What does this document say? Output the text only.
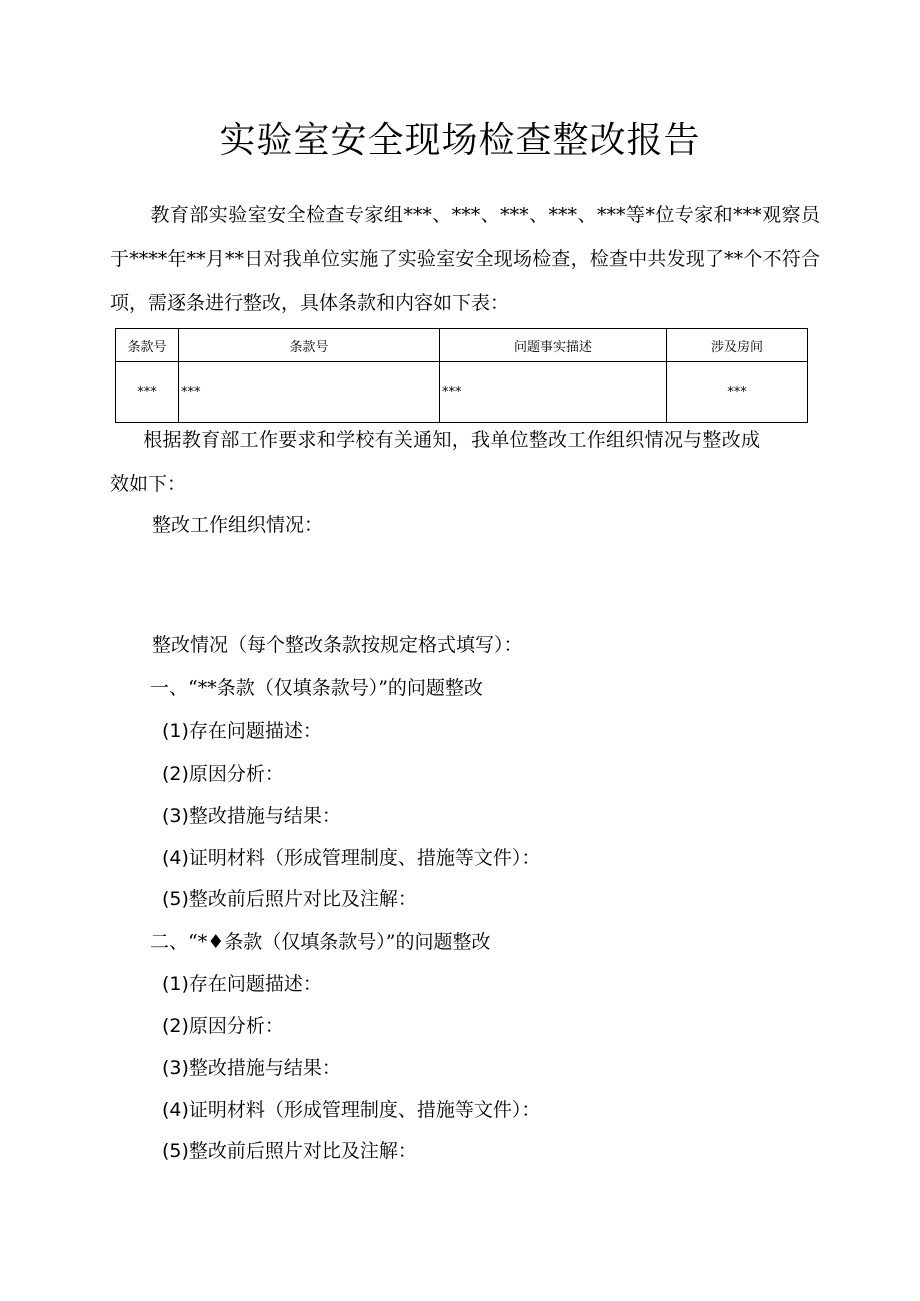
实验室安全现场检查整改报告
教育部实验室安全检查专家组***、***、***、***、***等*位专家和***观察员于****年**月**日对我单位实施了实验室安全现场检查，检查中共发现了**个不符合项，需逐条进行整改，具体条款和内容如下表：
条款号	条款号	问题事实描述	涉及房间
***	***	***	***
根据教育部工作要求和学校有关通知，我单位整改工作组织情况与整改成效如下：
整改工作组织情况：
整改情况（每个整改条款按规定格式填写）：
一、“**条款（仅填条款号）”的问题整改
(1)存在问题描述：
(2)原因分析：
(3)整改措施与结果：
(4)证明材料（形成管理制度、措施等文件）：
(5)整改前后照片对比及注解：
二、“*♦条款（仅填条款号）”的问题整改
(1)存在问题描述：
(2)原因分析：
(3)整改措施与结果：
(4)证明材料（形成管理制度、措施等文件）：
(5)整改前后照片对比及注解：
